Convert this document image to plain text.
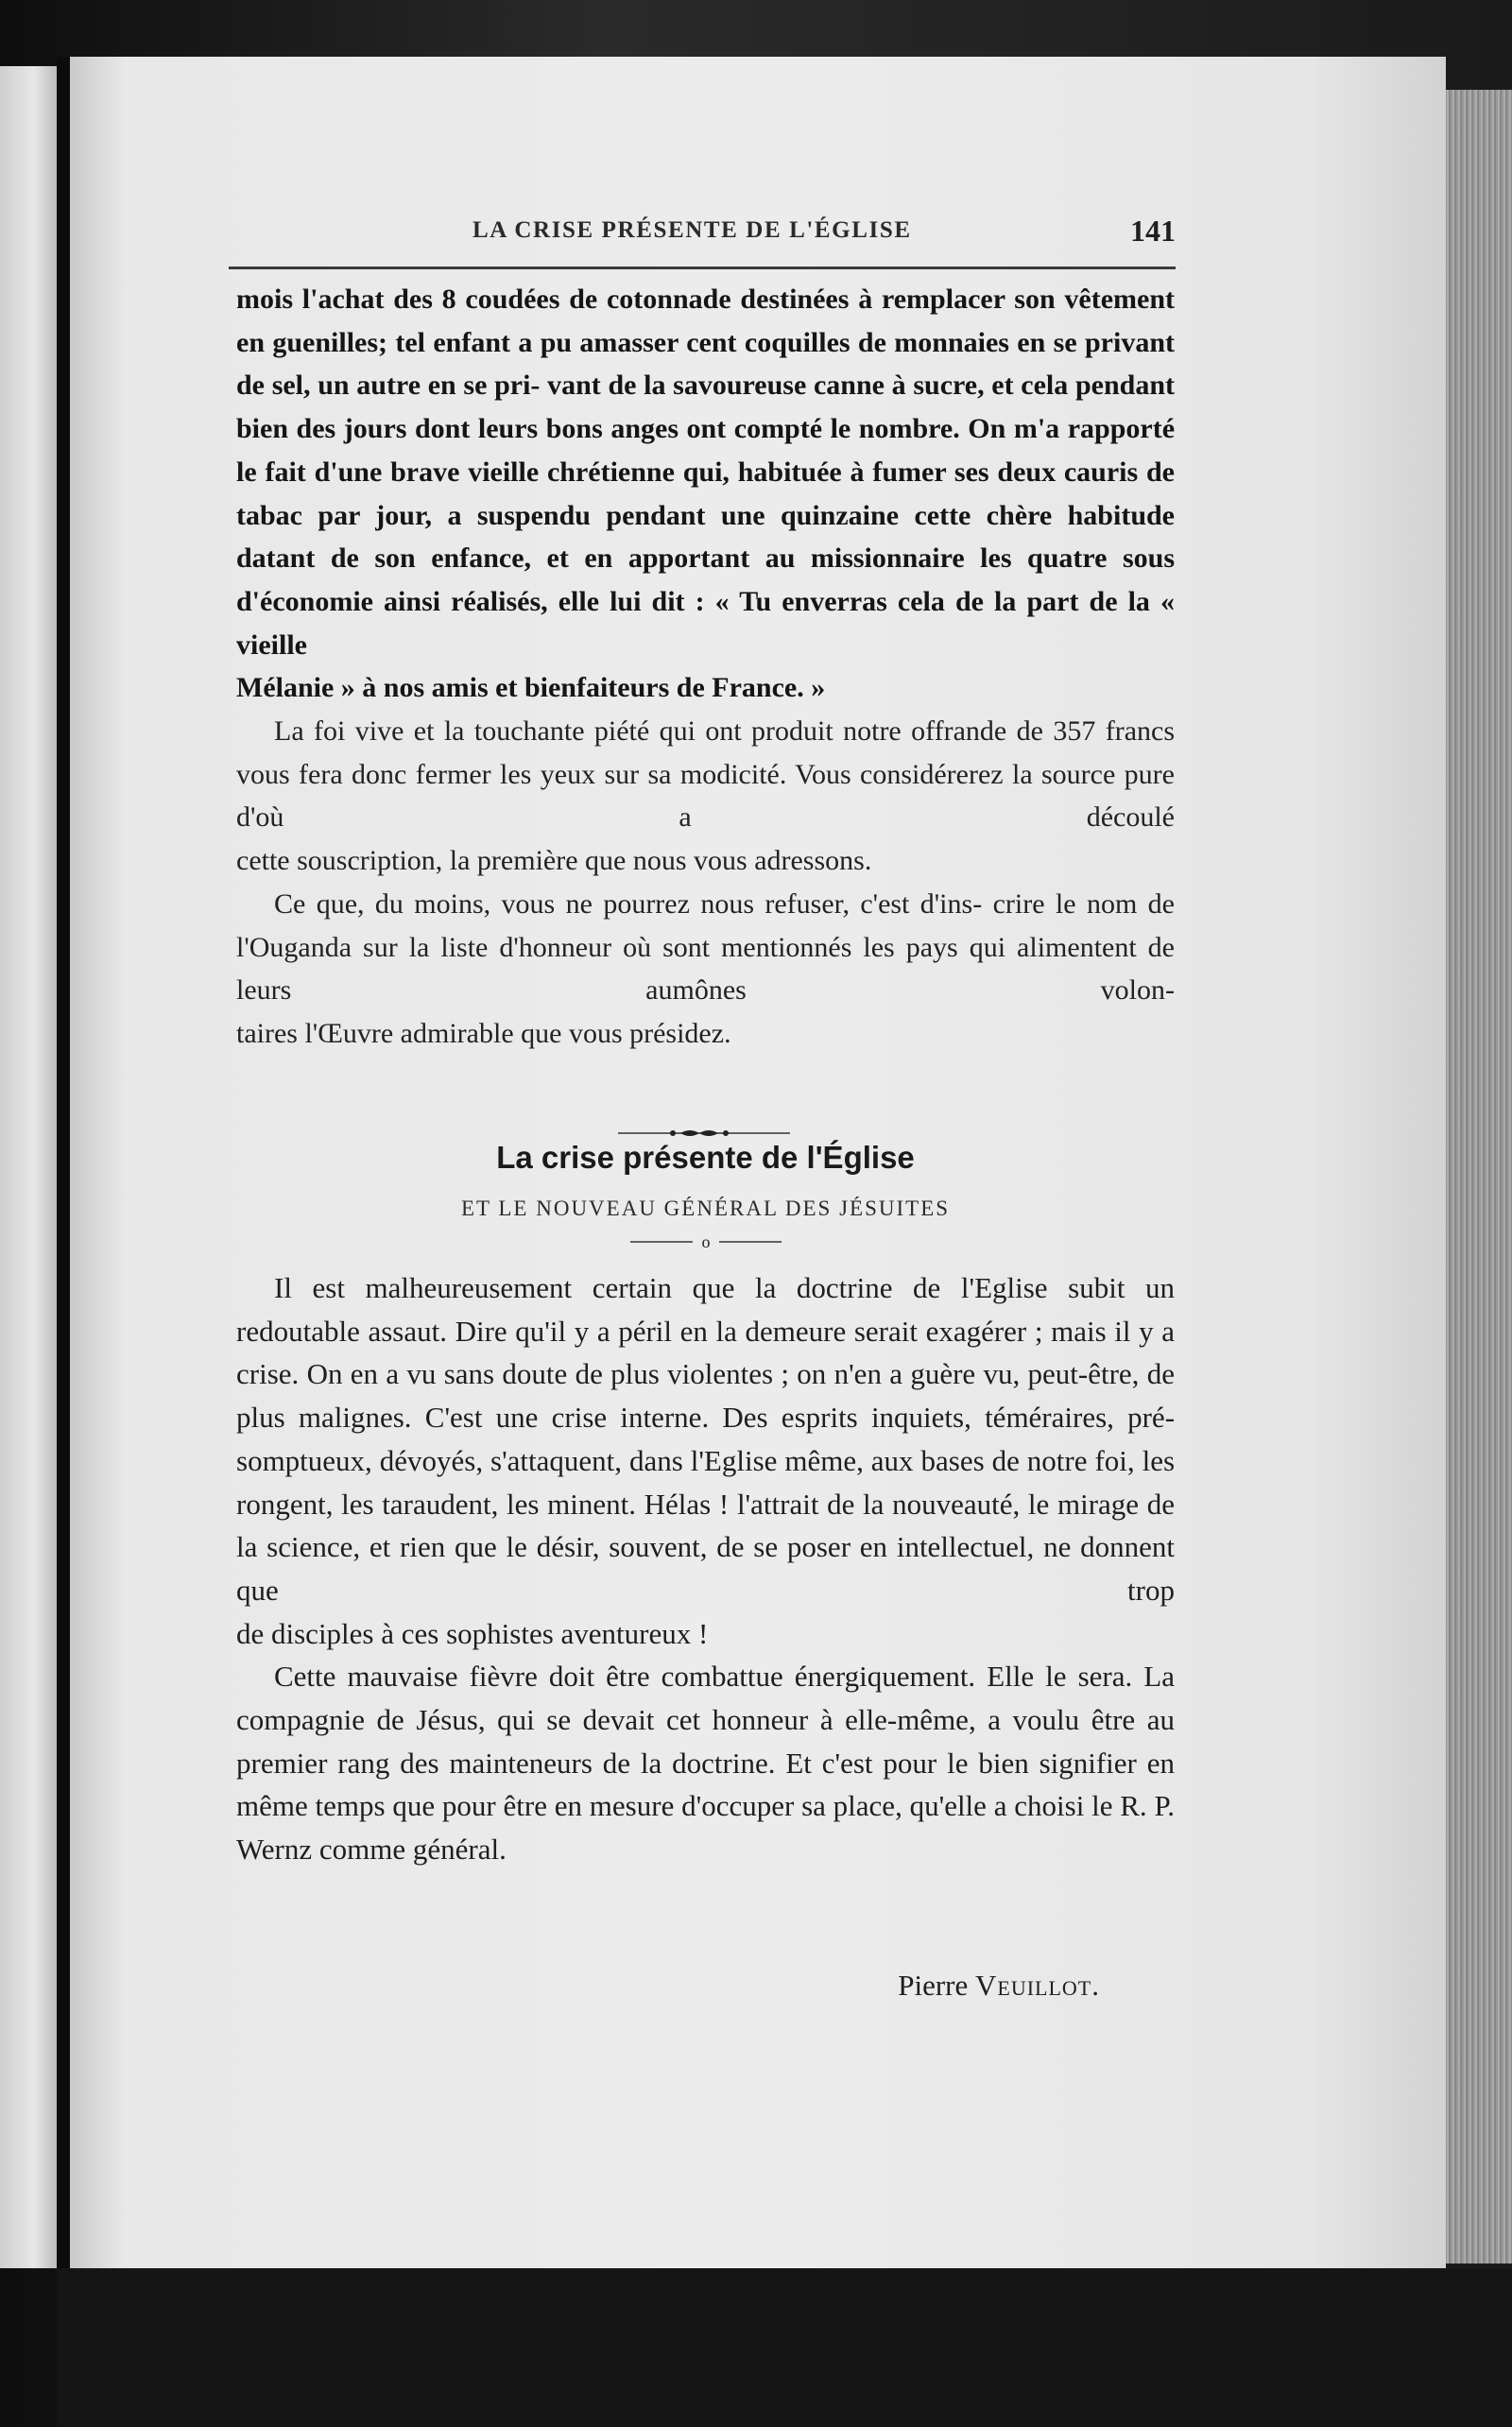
LA CRISE PRÉSENTE DE L'ÉGLISE	141

mois l'achat des 8 coudées de cotonnade destinées à remplacer son vêtement en guenilles; tel enfant a pu amasser cent coquilles de monnaies en se privant de sel, un autre en se pri- vant de la savoureuse canne à sucre, et cela pendant bien des jours dont leurs bons anges ont compté le nombre. On m'a rapporté le fait d'une brave vieille chrétienne qui, habituée à fumer ses deux cauris de tabac par jour, a suspendu pendant une quinzaine cette chère habitude datant de son enfance, et en apportant au missionnaire les quatre sous d'économie ainsi réalisés, elle lui dit : « Tu enverras cela de la part de la « vieille

Mélanie » à nos amis et bienfaiteurs de France. »

La foi vive et la touchante piété qui ont produit notre offrande de 357 francs vous fera donc fermer les yeux sur sa modicité. Vous considérerez la source pure d'où a découlé

cette souscription, la première que nous vous adressons.

Ce que, du moins, vous ne pourrez nous refuser, c'est d'ins- crire le nom de l'Ouganda sur la liste d'honneur où sont mentionnés les pays qui alimentent de leurs aumônes volon-

taires l'Œuvre admirable que vous présidez.

La crise présente de l'Église
ET LE NOUVEAU GÉNÉRAL DES JÉSUITES
o

Il est malheureusement certain que la doctrine de l'Eglise subit un redoutable assaut. Dire qu'il y a péril en la demeure serait exagérer ; mais il y a crise. On en a vu sans doute de plus violentes ; on n'en a guère vu, peut-être, de plus malignes. C'est une crise interne. Des esprits inquiets, téméraires, pré- somptueux, dévoyés, s'attaquent, dans l'Eglise même, aux bases de notre foi, les rongent, les taraudent, les minent. Hélas ! l'attrait de la nouveauté, le mirage de la science, et rien que le désir, souvent, de se poser en intellectuel, ne donnent que trop

de disciples à ces sophistes aventureux !

Cette mauvaise fièvre doit être combattue énergiquement. Elle le sera. La compagnie de Jésus, qui se devait cet honneur à elle-même, a voulu être au premier rang des mainteneurs de la doctrine. Et c'est pour le bien signifier en même temps que pour être en mesure d'occuper sa place, qu'elle a choisi le R. P.

Wernz comme général.

Pierre Veuillot.
